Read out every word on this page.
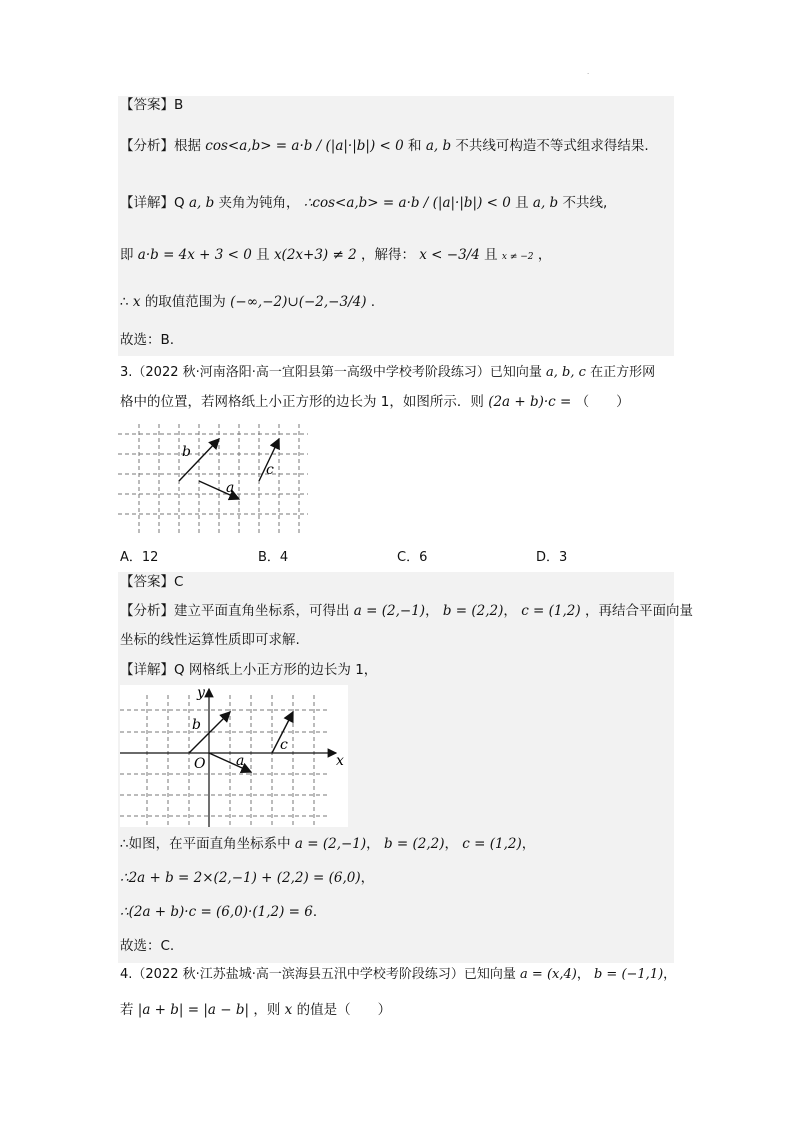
·
【答案】B
【分析】根据 cos<a,b> = a·b / (|a|·|b|) < 0 和 a, b 不共线可构造不等式组求得结果.
【详解】Q a, b 夹角为钝角， ∴cos<a,b> = a·b / (|a|·|b|) < 0 且 a, b 不共线,
即 a·b = 4x + 3 < 0 且 x(2x+3) ≠ 2 ，解得： x < −3/4 且 x ≠ −2 ，
∴ x 的取值范围为 (−∞,−2)∪(−2,−3/4) .
故选：B.
3.（2022 秋·河南洛阳·高一宜阳县第一高级中学校考阶段练习）已知向量 a, b, c 在正方形网
格中的位置，若网格纸上小正方形的边长为 1，如图所示．则 (2a + b)·c = （　　）
b
a
c
A．12	B．4	C．6	D．3
【答案】C
【分析】建立平面直角坐标系，可得出 a = (2,−1)， b = (2,2)， c = (1,2) ，再结合平面向量
坐标的线性运算性质即可求解.
【详解】Q 网格纸上小正方形的边长为 1，
y
x
O
b
a
c
∴如图，在平面直角坐标系中 a = (2,−1)， b = (2,2)， c = (1,2)，
∴2a + b = 2×(2,−1) + (2,2) = (6,0)，
∴(2a + b)·c = (6,0)·(1,2) = 6．
故选：C.
4.（2022 秋·江苏盐城·高一滨海县五汛中学校考阶段练习）已知向量 a = (x,4)， b = (−1,1)，
若 |a + b| = |a − b| ，则 x 的值是（　　）
